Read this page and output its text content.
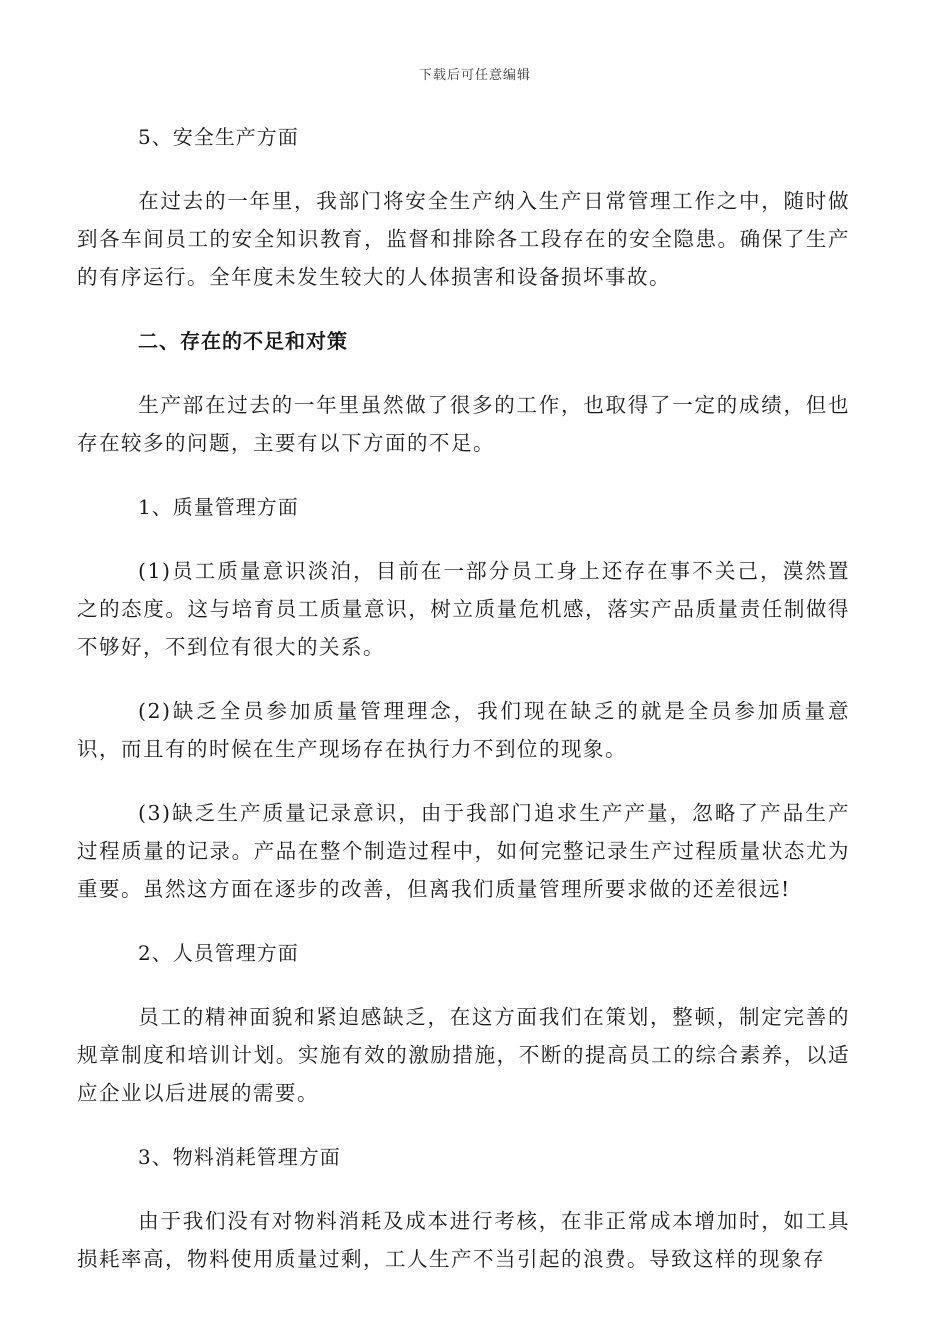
下载后可任意编辑

5、安全生产方面

在过去的一年里，我部门将安全生产纳入生产日常管理工作之中，随时做到各车间员工的安全知识教育，监督和排除各工段存在的安全隐患。确保了生产的有序运行。全年度未发生较大的人体损害和设备损坏事故。

二、存在的不足和对策

生产部在过去的一年里虽然做了很多的工作，也取得了一定的成绩，但也存在较多的问题，主要有以下方面的不足。

1、质量管理方面

(1)员工质量意识淡泊，目前在一部分员工身上还存在事不关己，漠然置之的态度。这与培育员工质量意识，树立质量危机感，落实产品质量责任制做得不够好，不到位有很大的关系。

(2)缺乏全员参加质量管理理念，我们现在缺乏的就是全员参加质量意识，而且有的时候在生产现场存在执行力不到位的现象。

(3)缺乏生产质量记录意识，由于我部门追求生产产量，忽略了产品生产过程质量的记录。产品在整个制造过程中，如何完整记录生产过程质量状态尤为重要。虽然这方面在逐步的改善，但离我们质量管理所要求做的还差很远!

2、人员管理方面

员工的精神面貌和紧迫感缺乏，在这方面我们在策划，整顿，制定完善的规章制度和培训计划。实施有效的激励措施，不断的提高员工的综合素养，以适应企业以后进展的需要。

3、物料消耗管理方面

由于我们没有对物料消耗及成本进行考核，在非正常成本增加时，如工具损耗率高，物料使用质量过剩，工人生产不当引起的浪费。导致这样的现象存
